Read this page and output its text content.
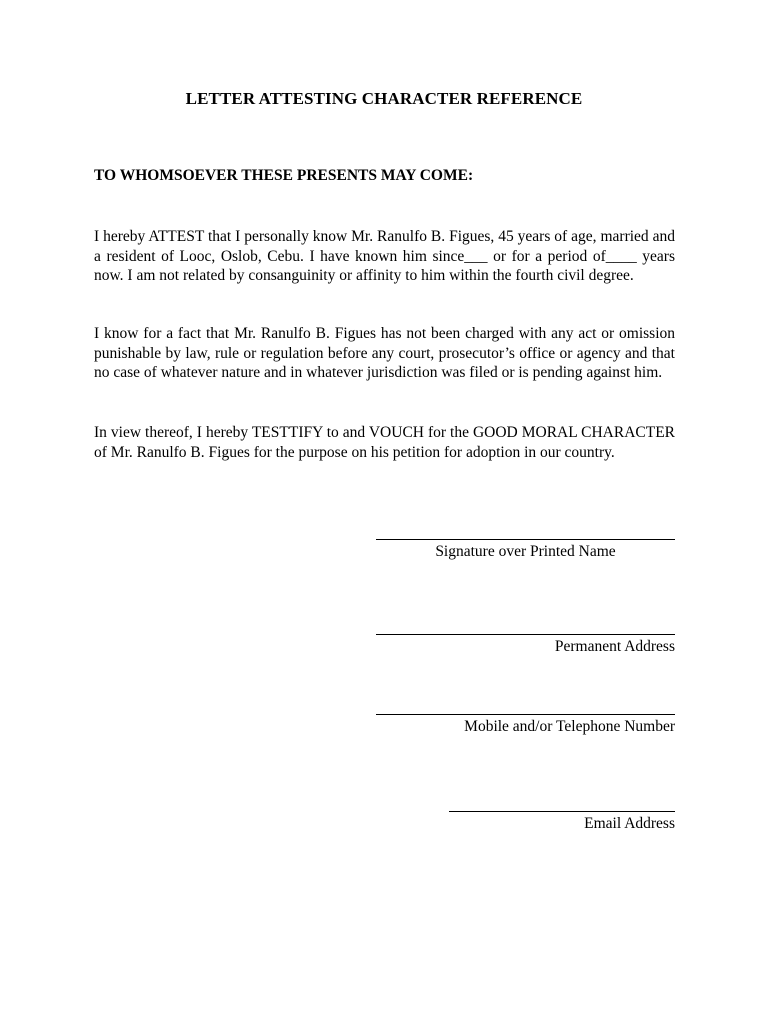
LETTER ATTESTING CHARACTER REFERENCE
TO WHOMSOEVER THESE PRESENTS MAY COME:

I hereby ATTEST that I personally know Mr. Ranulfo B. Figues, 45 years of age, married and a resident of Looc, Oslob, Cebu. I have known him since___ or for a period of____ years now. I am not related by consanguinity or affinity to him within the fourth civil degree.

I know for a fact that Mr. Ranulfo B. Figues has not been charged with any act or omission punishable by law, rule or regulation before any court, prosecutor’s office or agency and that no case of whatever nature and in whatever jurisdiction was filed or is pending against him.

In view thereof, I hereby TESTTIFY to and VOUCH for the GOOD MORAL CHARACTER of Mr. Ranulfo B. Figues for the purpose on his petition for adoption in our country.

Signature over Printed Name
Permanent Address
Mobile and/or Telephone Number
Email Address
